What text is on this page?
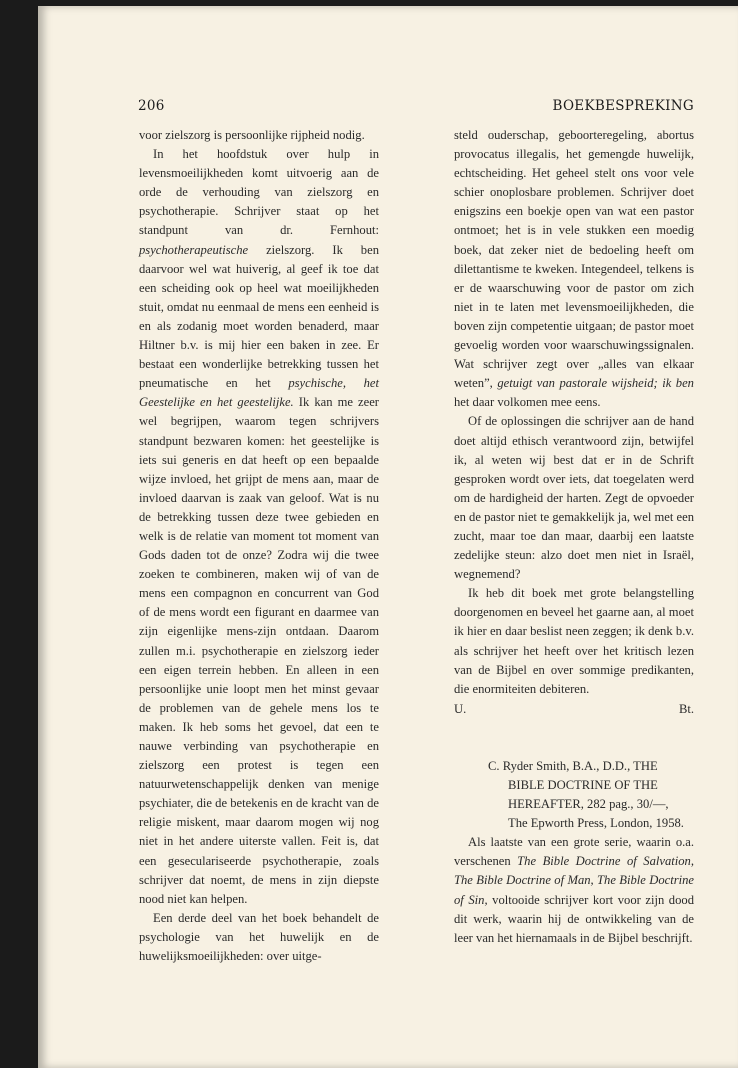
206	BOEKBESPREKING

voor zielszorg is persoonlijke rijpheid nodig.

In het hoofdstuk over hulp in levensmoeilijkheden komt uitvoerig aan de orde de verhouding van zielszorg en psychotherapie. Schrijver staat op het standpunt van dr. Fernhout: psychotherapeutische zielszorg. Ik ben daarvoor wel wat huiverig, al geef ik toe dat een scheiding ook op heel wat moeilijkheden stuit, omdat nu eenmaal de mens een eenheid is en als zodanig moet worden benaderd, maar Hiltner b.v. is mij hier een baken in zee. Er bestaat een wonderlijke betrekking tussen het pneumatische en het psychische, het Geestelijke en het geestelijke. Ik kan me zeer wel begrijpen, waarom tegen schrijvers standpunt bezwaren komen: het geestelijke is iets sui generis en dat heeft op een bepaalde wijze invloed, het grijpt de mens aan, maar de invloed daarvan is zaak van geloof. Wat is nu de betrekking tussen deze twee gebieden en welk is de relatie van moment tot moment van Gods daden tot de onze? Zodra wij die twee zoeken te combineren, maken wij of van de mens een compagnon en concurrent van God of de mens wordt een figurant en daarmee van zijn eigenlijke mens-zijn ontdaan. Daarom zullen m.i. psychotherapie en zielszorg ieder een eigen terrein hebben. En alleen in een persoonlijke unie loopt men het minst gevaar de problemen van de gehele mens los te maken. Ik heb soms het gevoel, dat een te nauwe verbinding van psychotherapie en zielszorg een protest is tegen een natuurwetenschappelijk denken van menige psychiater, die de betekenis en de kracht van de religie miskent, maar daarom mogen wij nog niet in het andere uiterste vallen. Feit is, dat een geseculariseerde psychotherapie, zoals schrijver dat noemt, de mens in zijn diepste nood niet kan helpen.

Een derde deel van het boek behandelt de psychologie van het huwelijk en de huwelijksmoeilijkheden: over uitge-

steld ouderschap, geboorteregeling, abortus provocatus illegalis, het gemengde huwelijk, echtscheiding. Het geheel stelt ons voor vele schier onoplosbare problemen. Schrijver doet enigszins een boekje open van wat een pastor ontmoet; het is in vele stukken een moedig boek, dat zeker niet de bedoeling heeft om dilettantisme te kweken. Integendeel, telkens is er de waarschuwing voor de pastor om zich niet in te laten met levensmoeilijkheden, die boven zijn competentie uitgaan; de pastor moet gevoelig worden voor waarschuwingssignalen. Wat schrijver zegt over „alles van elkaar weten”, getuigt van pastorale wijsheid; ik ben het daar volkomen mee eens.

Of de oplossingen die schrijver aan de hand doet altijd ethisch verantwoord zijn, betwijfel ik, al weten wij best dat er in de Schrift gesproken wordt over iets, dat toegelaten werd om de hardigheid der harten. Zegt de opvoeder en de pastor niet te gemakkelijk ja, wel met een zucht, maar toe dan maar, daarbij een laatste zedelijke steun: alzo doet men niet in Israël, wegnemend?

Ik heb dit boek met grote belangstelling doorgenomen en beveel het gaarne aan, al moet ik hier en daar beslist neen zeggen; ik denk b.v. als schrijver het heeft over het kritisch lezen van de Bijbel en over sommige predikanten, die enormiteiten debiteren.

U.	Bt.
C. Ryder Smith, B.A., D.D., THE
BIBLE DOCTRINE OF THE
HEREAFTER, 282 pag., 30/—,
The Epworth Press, London, 1958.

Als laatste van een grote serie, waarin o.a. verschenen The Bible Doctrine of Salvation, The Bible Doctrine of Man, The Bible Doctrine of Sin, voltooide schrijver kort voor zijn dood dit werk, waarin hij de ontwikkeling van de leer van het hiernamaals in de Bijbel beschrijft.
